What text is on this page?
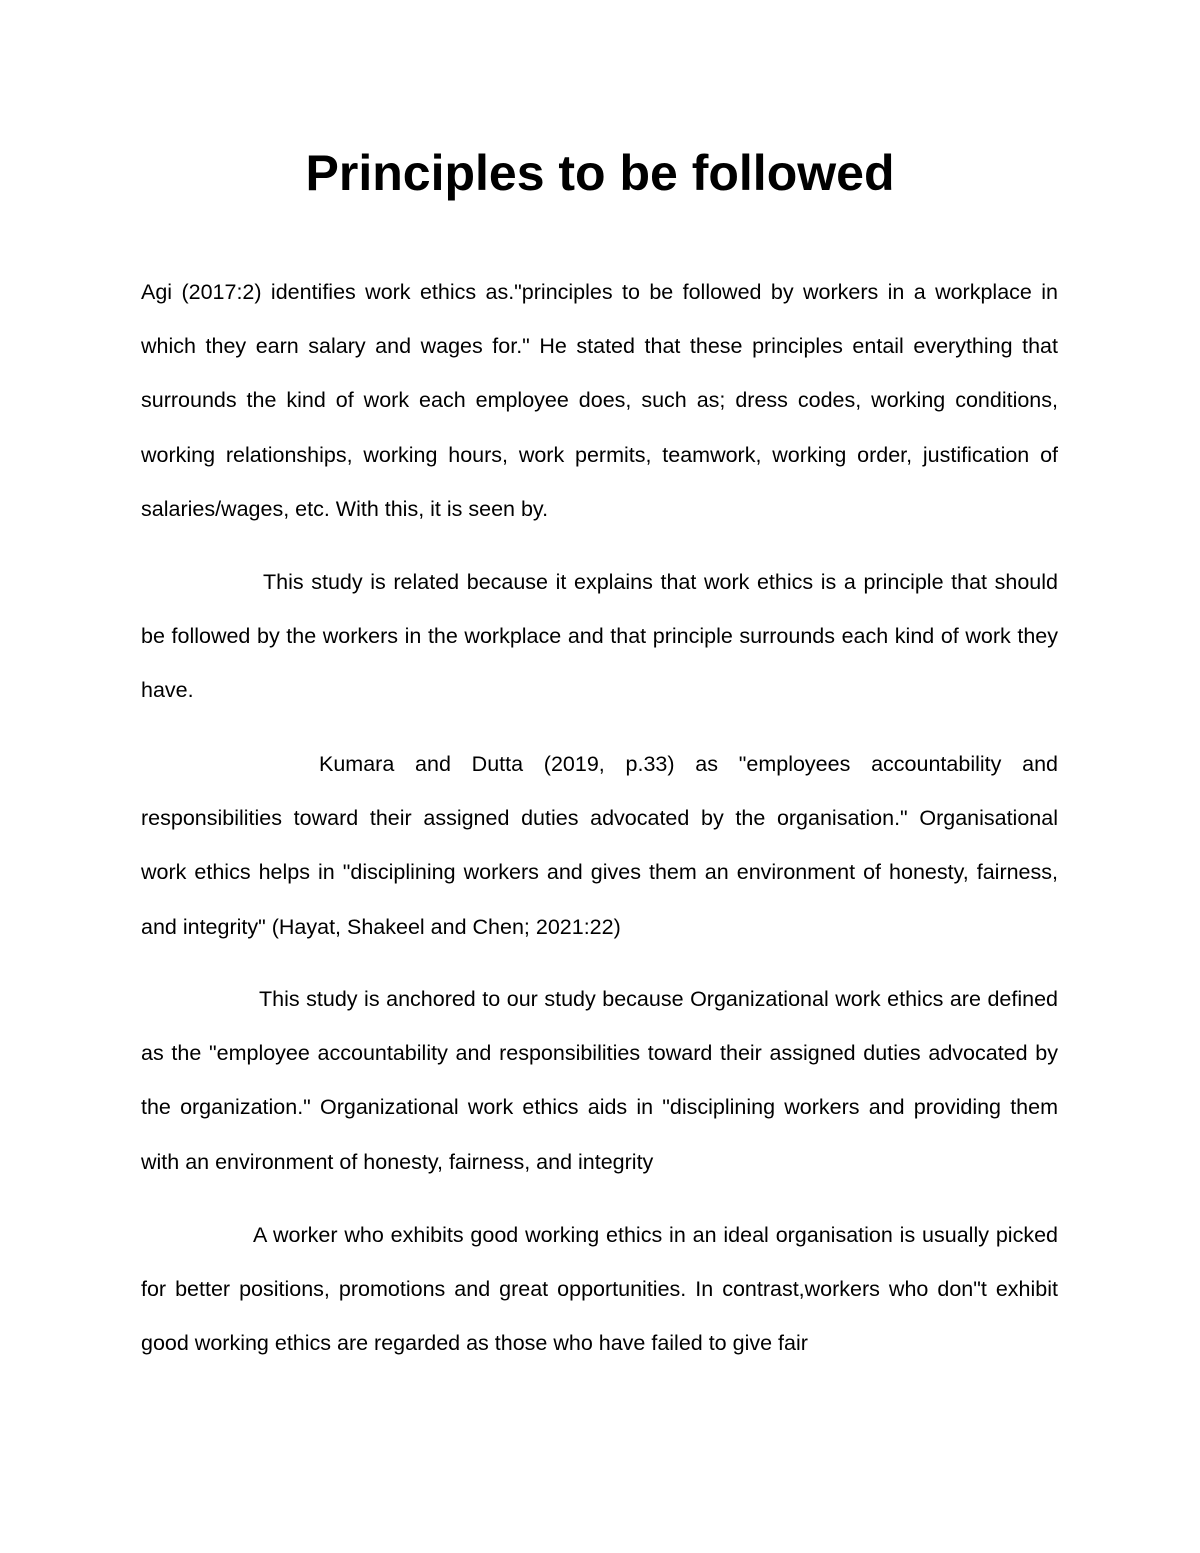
Principles to be followed

Agi (2017:2) identifies work ethics as."principles to be followed by workers in a workplace in which they earn salary and wages for." He stated that these principles entail everything that surrounds the kind of work each employee does, such as; dress codes, working conditions, working relationships, working hours, work permits, teamwork, working order, justification of salaries/wages, etc. With this, it is seen by.

This study is related because it explains that work ethics is a principle that should be followed by the workers in the workplace and that principle surrounds each kind of work they have.

Kumara and Dutta (2019, p.33) as "employees accountability and responsibilities toward their assigned duties advocated by the organisation." Organisational work ethics helps in "disciplining workers and gives them an environment of honesty, fairness, and integrity" (Hayat, Shakeel and Chen; 2021:22)

This study is anchored to our study because Organizational work ethics are defined as the "employee accountability and responsibilities toward their assigned duties advocated by the organization." Organizational work ethics aids in "disciplining workers and providing them with an environment of honesty, fairness, and integrity

A worker who exhibits good working ethics in an ideal organisation is usually picked for better positions, promotions and great opportunities. In contrast,workers who don"t exhibit good working ethics are regarded as those who have failed to give fair
